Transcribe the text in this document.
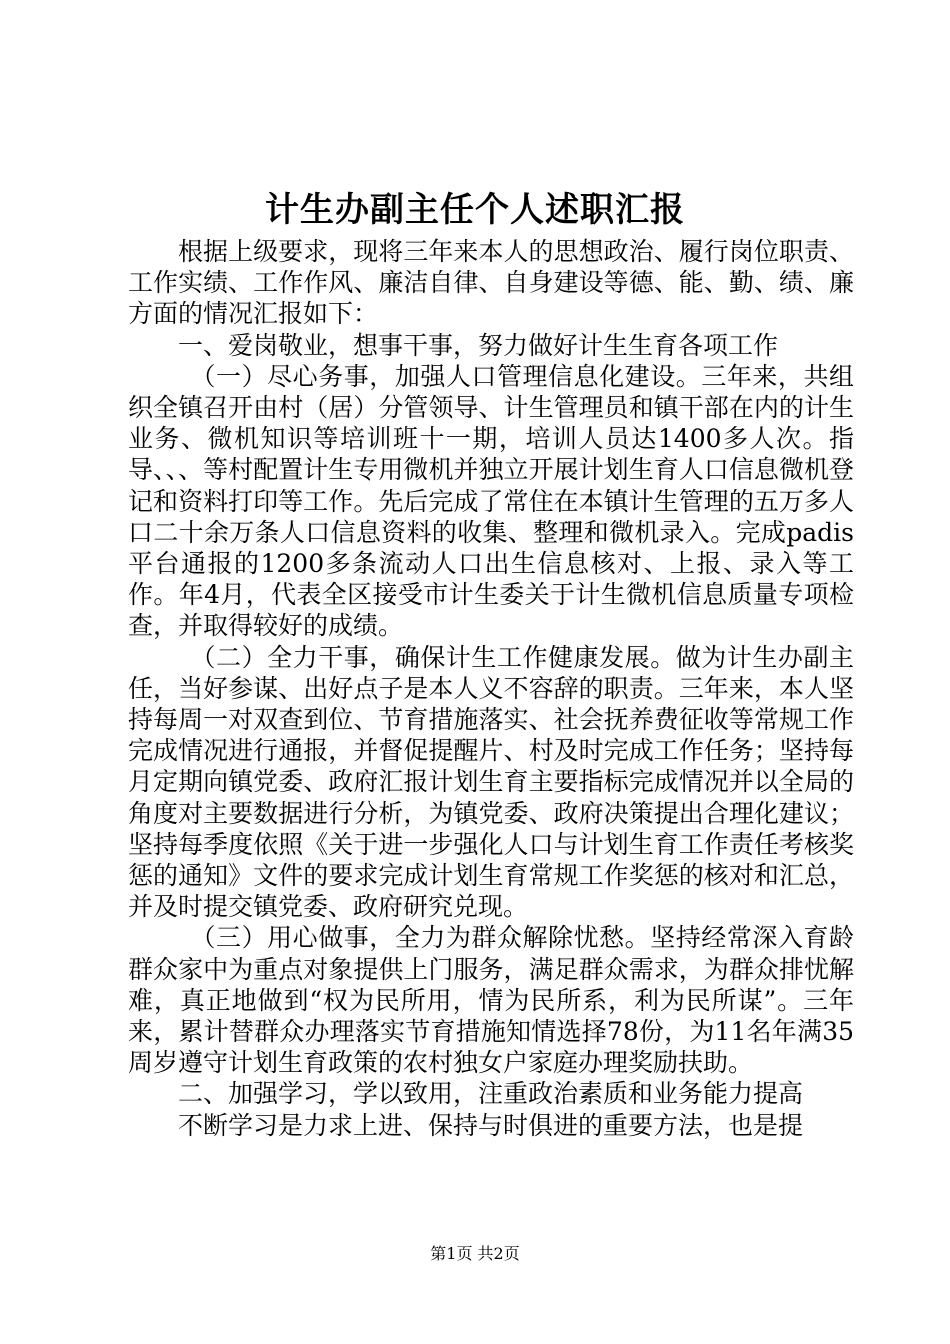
计生办副主任个人述职汇报

根据上级要求，现将三年来本人的思想政治、履行岗位职责、工作实绩、工作作风、廉洁自律、自身建设等德、能、勤、绩、廉方面的情况汇报如下：

一、爱岗敬业，想事干事，努力做好计生生育各项工作

（一）尽心务事，加强人口管理信息化建设。三年来，共组织全镇召开由村（居）分管领导、计生管理员和镇干部在内的计生业务、微机知识等培训班十一期，培训人员达1400多人次。指导、、、等村配置计生专用微机并独立开展计划生育人口信息微机登记和资料打印等工作。先后完成了常住在本镇计生管理的五万多人口二十余万条人口信息资料的收集、整理和微机录入。完成padis平台通报的1200多条流动人口出生信息核对、上报、录入等工作。年4月，代表全区接受市计生委关于计生微机信息质量专项检查，并取得较好的成绩。

（二）全力干事，确保计生工作健康发展。做为计生办副主任，当好参谋、出好点子是本人义不容辞的职责。三年来，本人坚持每周一对双查到位、节育措施落实、社会抚养费征收等常规工作完成情况进行通报，并督促提醒片、村及时完成工作任务；坚持每月定期向镇党委、政府汇报计划生育主要指标完成情况并以全局的角度对主要数据进行分析，为镇党委、政府决策提出合理化建议；坚持每季度依照《关于进一步强化人口与计划生育工作责任考核奖惩的通知》文件的要求完成计划生育常规工作奖惩的核对和汇总，并及时提交镇党委、政府研究兑现。

（三）用心做事，全力为群众解除忧愁。坚持经常深入育龄群众家中为重点对象提供上门服务，满足群众需求，为群众排忧解难，真正地做到“权为民所用，情为民所系，利为民所谋”。三年来，累计替群众办理落实节育措施知情选择78份，为11名年满35周岁遵守计划生育政策的农村独女户家庭办理奖励扶助。

二、加强学习，学以致用，注重政治素质和业务能力提高

不断学习是力求上进、保持与时俱进的重要方法，也是提

第1页 共2页
